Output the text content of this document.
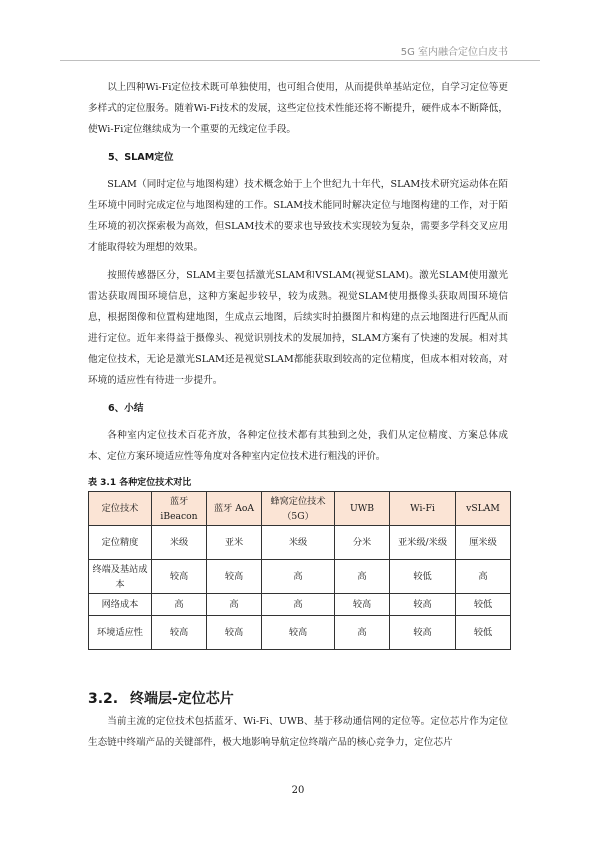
5G 室内融合定位白皮书

以上四种Wi-Fi定位技术既可单独使用，也可组合使用，从而提供单基站定位，自学习定位等更多样式的定位服务。随着Wi-Fi技术的发展，这些定位技术性能还将不断提升，硬件成本不断降低，使Wi-Fi定位继续成为一个重要的无线定位手段。

5、SLAM定位

SLAM（同时定位与地图构建）技术概念始于上个世纪九十年代，SLAM技术研究运动体在陌生环境中同时完成定位与地图构建的工作。SLAM技术能同时解决定位与地图构建的工作，对于陌生环境的初次探索极为高效，但SLAM技术的要求也导致技术实现较为复杂，需要多学科交叉应用才能取得较为理想的效果。

按照传感器区分，SLAM主要包括激光SLAM和VSLAM(视觉SLAM)。激光SLAM使用激光雷达获取周围环境信息，这种方案起步较早，较为成熟。视觉SLAM使用摄像头获取周围环境信息，根据图像和位置构建地图，生成点云地图，后续实时拍摄图片和构建的点云地图进行匹配从而进行定位。近年来得益于摄像头、视觉识别技术的发展加持，SLAM方案有了快速的发展。相对其他定位技术，无论是激光SLAM还是视觉SLAM都能获取到较高的定位精度，但成本相对较高，对环境的适应性有待进一步提升。

6、小结

各种室内定位技术百花齐放，各种定位技术都有其独到之处，我们从定位精度、方案总体成本、定位方案环境适应性等角度对各种室内定位技术进行粗浅的评价。

表 3.1 各种定位技术对比
定位技术	蓝牙 iBeacon	蓝牙 AoA	蜂窝定位技术（5G）	UWB	Wi-Fi	vSLAM
定位精度	米级	亚米	米级	分米	亚米级/米级	厘米级
终端及基站成本	较高	较高	高	高	较低	高
网络成本	高	高	高	较高	较高	较低
环境适应性	较高	较高	较高	高	较高	较低
3.2. 终端层-定位芯片

当前主流的定位技术包括蓝牙、Wi-Fi、UWB、基于移动通信网的定位等。定位芯片作为定位生态链中终端产品的关键部件，极大地影响导航定位终端产品的核心竞争力，定位芯片

20
